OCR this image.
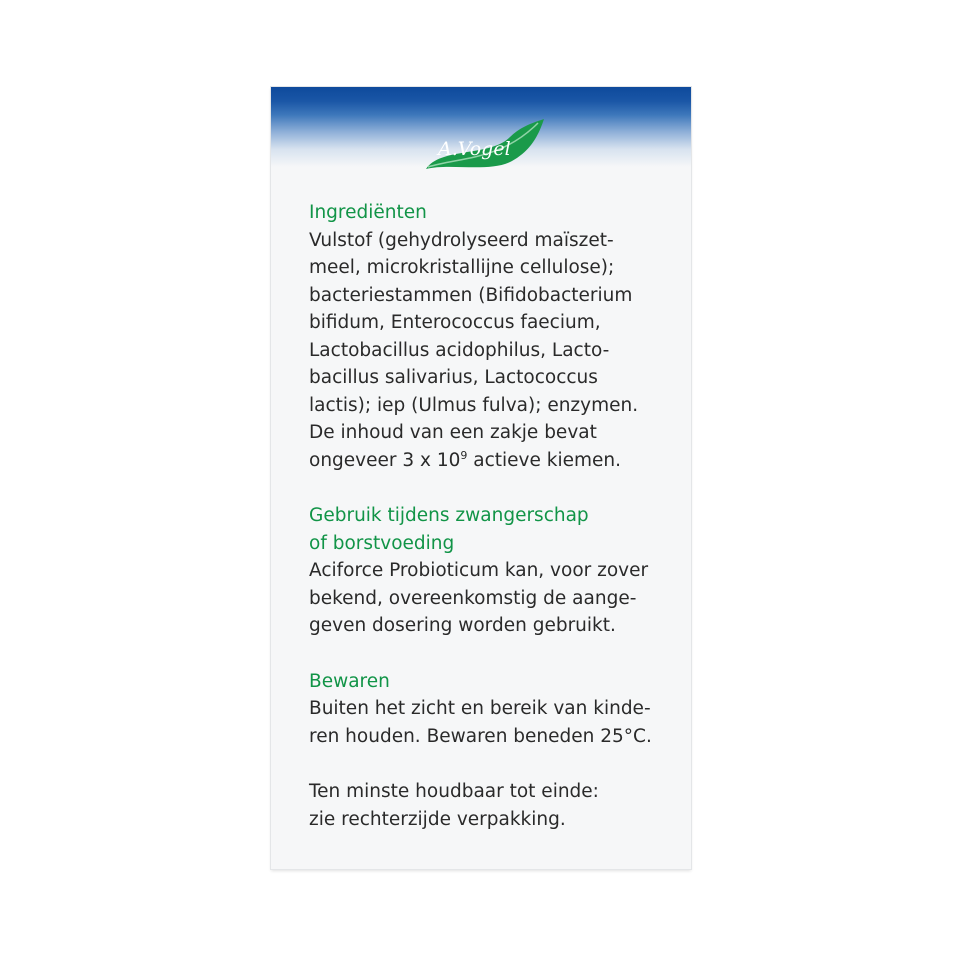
A.Vogel

Ingrediënten

Vulstof (gehydrolyseerd maïszet-
meel, microkristallijne cellulose);
bacteriestammen (Bifidobacterium
bifidum, Enterococcus faecium,
Lactobacillus acidophilus, Lacto-
bacillus salivarius, Lactococcus
lactis); iep (Ulmus fulva); enzymen.
De inhoud van een zakje bevat
ongeveer 3 x $10^9$ actieve kiemen.

Gebruik tijdens zwangerschap
of borstvoeding

Aciforce Probioticum kan, voor zover
bekend, overeenkomstig de aange-
geven dosering worden gebruikt.

Bewaren

Buiten het zicht en bereik van kinde-
ren houden. Bewaren beneden 25°C.

Ten minste houdbaar tot einde:
zie rechterzijde verpakking.
